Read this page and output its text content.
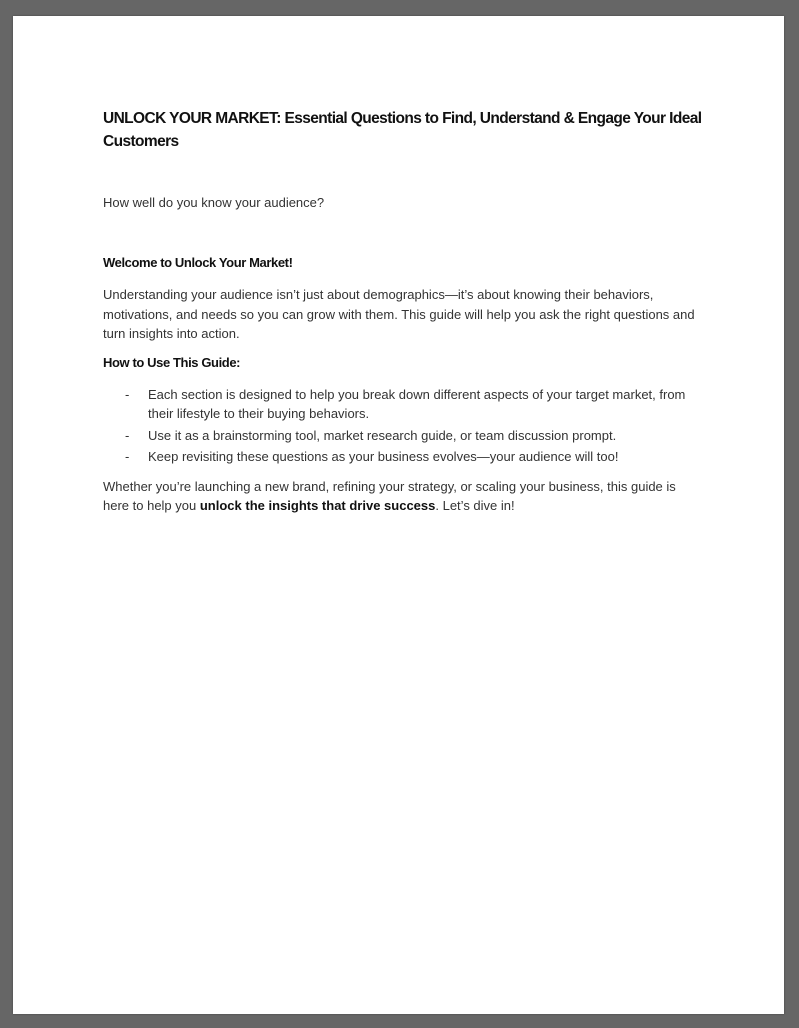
UNLOCK YOUR MARKET: Essential Questions to Find, Understand & Engage Your Ideal Customers

How well do you know your audience?

Welcome to Unlock Your Market!

Understanding your audience isn’t just about demographics—it’s about knowing their behaviors, motivations, and needs so you can grow with them. This guide will help you ask the right questions and turn insights into action.

How to Use This Guide:
- Each section is designed to help you break down different aspects of your target market, from their lifestyle to their buying behaviors.
- Use it as a brainstorming tool, market research guide, or team discussion prompt.
- Keep revisiting these questions as your business evolves—your audience will too!

Whether you’re launching a new brand, refining your strategy, or scaling your business, this guide is here to help you unlock the insights that drive success. Let’s dive in!
